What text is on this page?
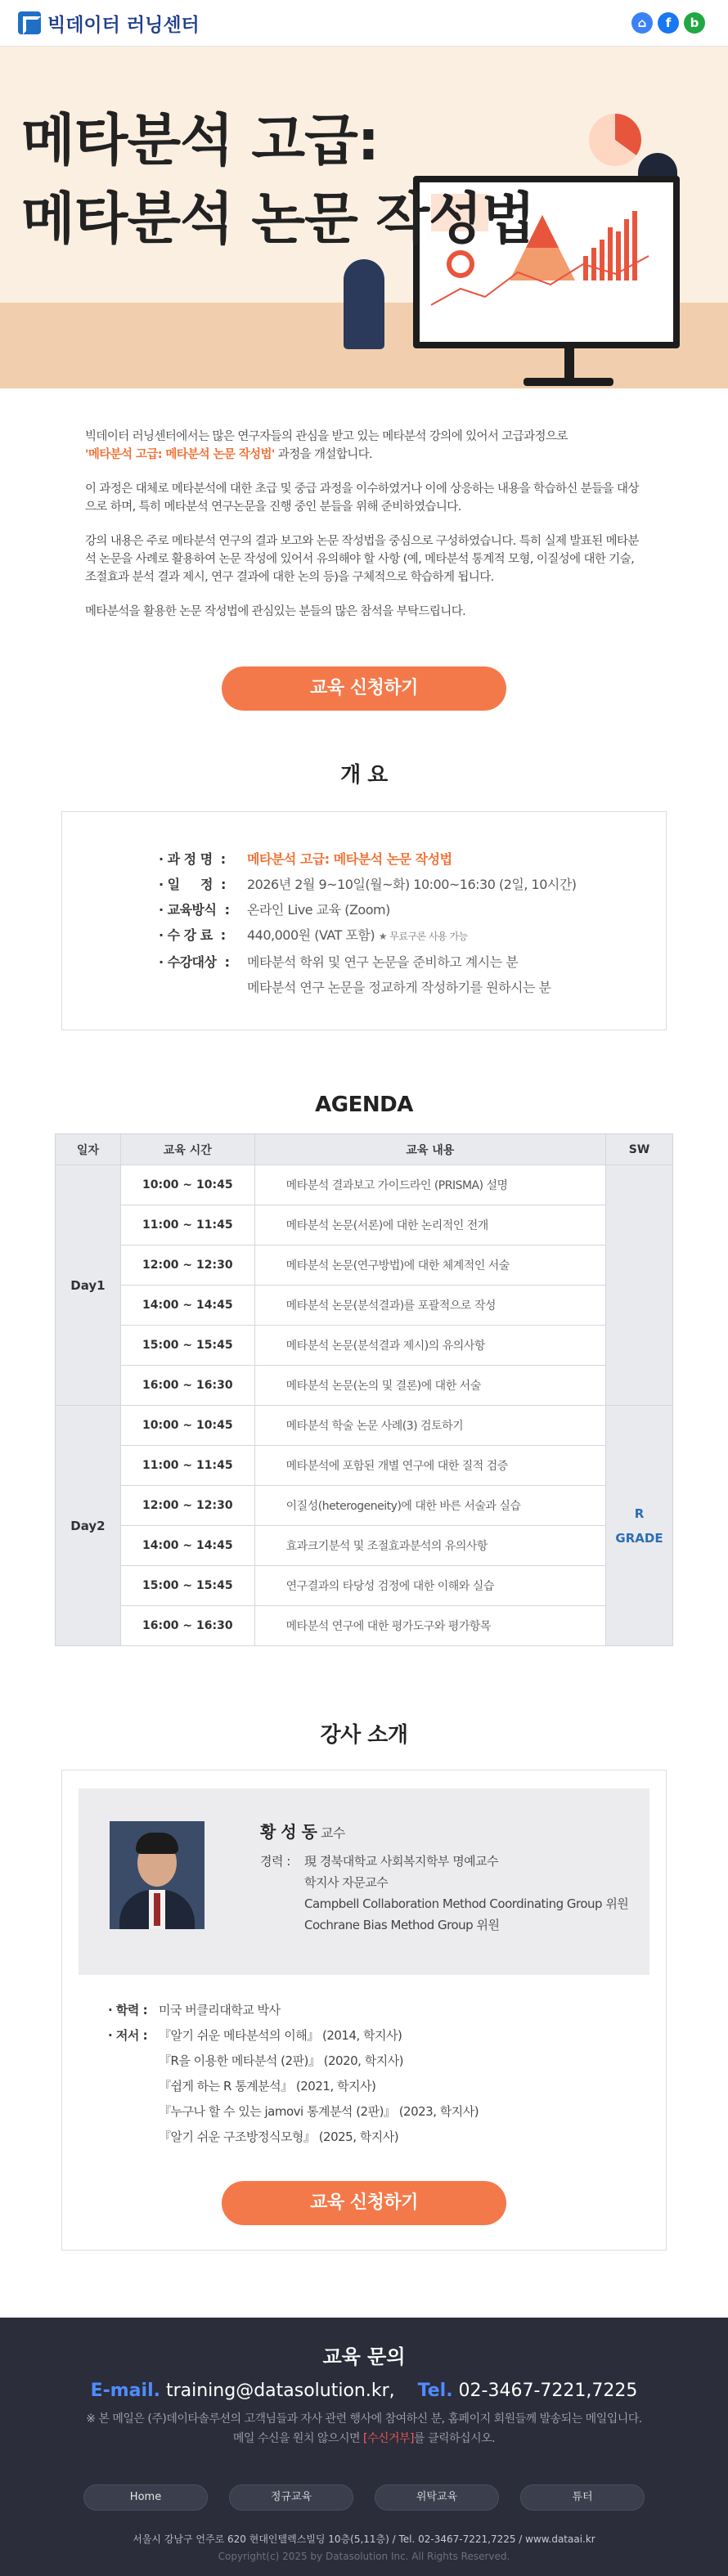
빅데이터 러닝센터	⌂	f	b
메타분석 고급:
메타분석 논문 작성법

빅데이터 러닝센터에서는 많은 연구자들의 관심을 받고 있는 메타분석 강의에 있어서 고급과정으로
'메타분석 고급: 메타분석 논문 작성법' 과정을 개설합니다.

이 과정은 대체로 메타분석에 대한 초급 및 중급 과정을 이수하였거나 이에 상응하는 내용을 학습하신 분들을 대상으로 하며, 특히 메타분석 연구논문을 진행 중인 분들을 위해 준비하였습니다.

강의 내용은 주로 메타분석 연구의 결과 보고와 논문 작성법을 중심으로 구성하였습니다. 특히 실제 발표된 메타분석 논문을 사례로 활용하여 논문 작성에 있어서 유의해야 할 사항 (예, 메타분석 통계적 모형, 이질성에 대한 기술, 조절효과 분석 결과 제시, 연구 결과에 대한 논의 등)을 구체적으로 학습하게 됩니다.

메타분석을 활용한 논문 작성법에 관심있는 분들의 많은 참석을 부탁드립니다.

교육 신청하기
개 요
· 과 정 명  :	메타분석 고급: 메타분석 논문 작성법
· 일     정  :	2026년 2월 9~10일(월~화) 10:00~16:30 (2일, 10시간)
· 교육방식  :	온라인 Live 교육 (Zoom)
· 수 강 료  :	440,000원 (VAT 포함) ★ 무료구론 사용 가능
· 수강대상  :	메타분석 학위 및 연구 논문을 준비하고 계시는 분
메타분석 연구 논문을 정교하게 작성하기를 원하시는 분
AGENDA
일자	교육 시간	교육 내용	SW
Day1	10:00 ~ 10:45	메타분석 결과보고 가이드라인 (PRISMA) 설명	
	11:00 ~ 11:45	메타분석 논문(서론)에 대한 논리적인 전개	
	12:00 ~ 12:30	메타분석 논문(연구방법)에 대한 체계적인 서술	
	14:00 ~ 14:45	메타분석 논문(분석결과)를 포괄적으로 작성	
	15:00 ~ 15:45	메타분석 논문(분석결과 제시)의 유의사항	
	16:00 ~ 16:30	메타분석 논문(논의 및 결론)에 대한 서술	
Day2	10:00 ~ 10:45	메타분석 학술 논문 사례(3) 검토하기	R
GRADE

	11:00 ~ 11:45	메타분석에 포함된 개별 연구에 대한 질적 검증	
	12:00 ~ 12:30	이질성(heterogeneity)에 대한 바른 서술과 실습	
	14:00 ~ 14:45	효과크기분석 및 조절효과분석의 유의사항	
	15:00 ~ 15:45	연구결과의 타당성 검정에 대한 이해와 실습	
	16:00 ~ 16:30	메타분석 연구에 대한 평가도구와 평가항목	
강사 소개
황 성 동 교수
경력 :	現 경북대학교 사회복지학부 명예교수
학지사 자문교수
Campbell Collaboration Method Coordinating Group 위원
Cochrane Bias Method Group 위원
· 학력 : 미국 버클리대학교 박사
· 저서 : 『알기 쉬운 메타분석의 이해』 (2014, 학지사)
『R을 이용한 메타분석 (2판)』 (2020, 학지사)
『쉽게 하는 R 통계분석』 (2021, 학지사)
『누구나 할 수 있는 jamovi 통계분석 (2판)』 (2023, 학지사)
『알기 쉬운 구조방정식모형』 (2025, 학지사)
교육 신청하기
교육 문의
E-mail. training@datasolution.kr, Tel. 02-3467-7221,7225
※ 본 메일은 (주)데이타솔루션의 고객님들과 자사 관련 행사에 참여하신 분, 홈페이지 회원들께 발송되는 메일입니다.
메일 수신을 원치 않으시면 [수신거부]를 클릭하십시오.
Home	정규교육	위탁교육	튜터
서울시 강남구 언주로 620 현대인텔렉스빌딩 10층(5,11층) / Tel. 02-3467-7221,7225 / www.dataai.kr
Copyright(c) 2025 by Datasolution Inc. All Rights Reserved.
